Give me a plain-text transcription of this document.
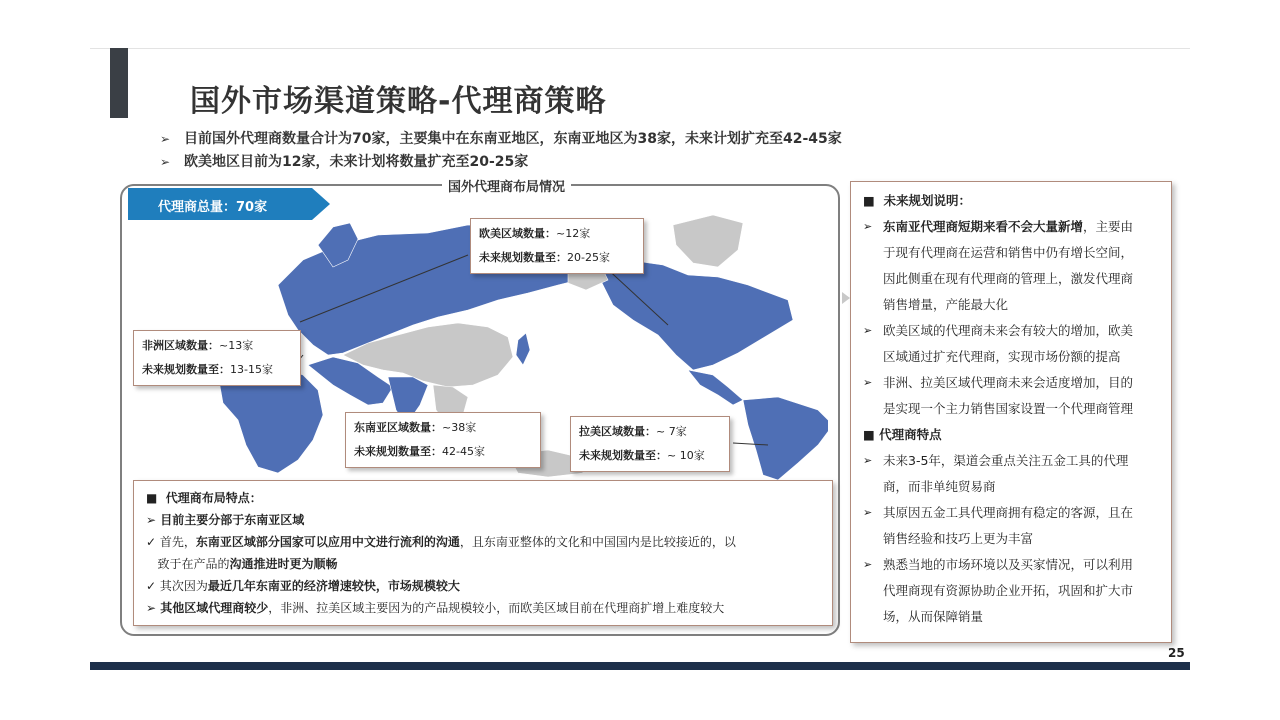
国外市场渠道策略-代理商策略
➢ 目前国外代理商数量合计为70家，主要集中在东南亚地区，东南亚地区为38家，未来计划扩充至42-45家
➢ 欧美地区目前为12家，未来计划将数量扩充至20-25家
国外代理商布局情况
代理商总量：70家
欧美区域数量：~12家
未来规划数量至：20-25家
非洲区域数量：~13家
未来规划数量至：13-15家
东南亚区域数量：~38家
未来规划数量至：42-45家
拉美区域数量：~ 7家
未来规划数量至：~ 10家
■  代理商布局特点：
➢ 目前主要分部于东南亚区域
✓ 首先，东南亚区域部分国家可以应用中文进行流利的沟通，且东南亚整体的文化和中国国内是比较接近的，以
致于在产品的沟通推进时更为顺畅
✓ 其次因为最近几年东南亚的经济增速较快，市场规模较大
➢ 其他区域代理商较少，非洲、拉美区域主要因为的产品规模较小，而欧美区域目前在代理商扩增上难度较大
■  未来规划说明：
➢ 东南亚代理商短期来看不会大量新增，主要由
于现有代理商在运营和销售中仍有增长空间，
因此侧重在现有代理商的管理上，激发代理商
销售增量，产能最大化
➢ 欧美区域的代理商未来会有较大的增加，欧美
区域通过扩充代理商，实现市场份额的提高
➢ 非洲、拉美区域代理商未来会适度增加，目的
是实现一个主力销售国家设置一个代理商管理
■ 代理商特点
➢ 未来3-5年，渠道会重点关注五金工具的代理
商，而非单纯贸易商
➢ 其原因五金工具代理商拥有稳定的客源，且在
销售经验和技巧上更为丰富
➢ 熟悉当地的市场环境以及买家情况，可以利用
代理商现有资源协助企业开拓，巩固和扩大市
场，从而保障销量
25
